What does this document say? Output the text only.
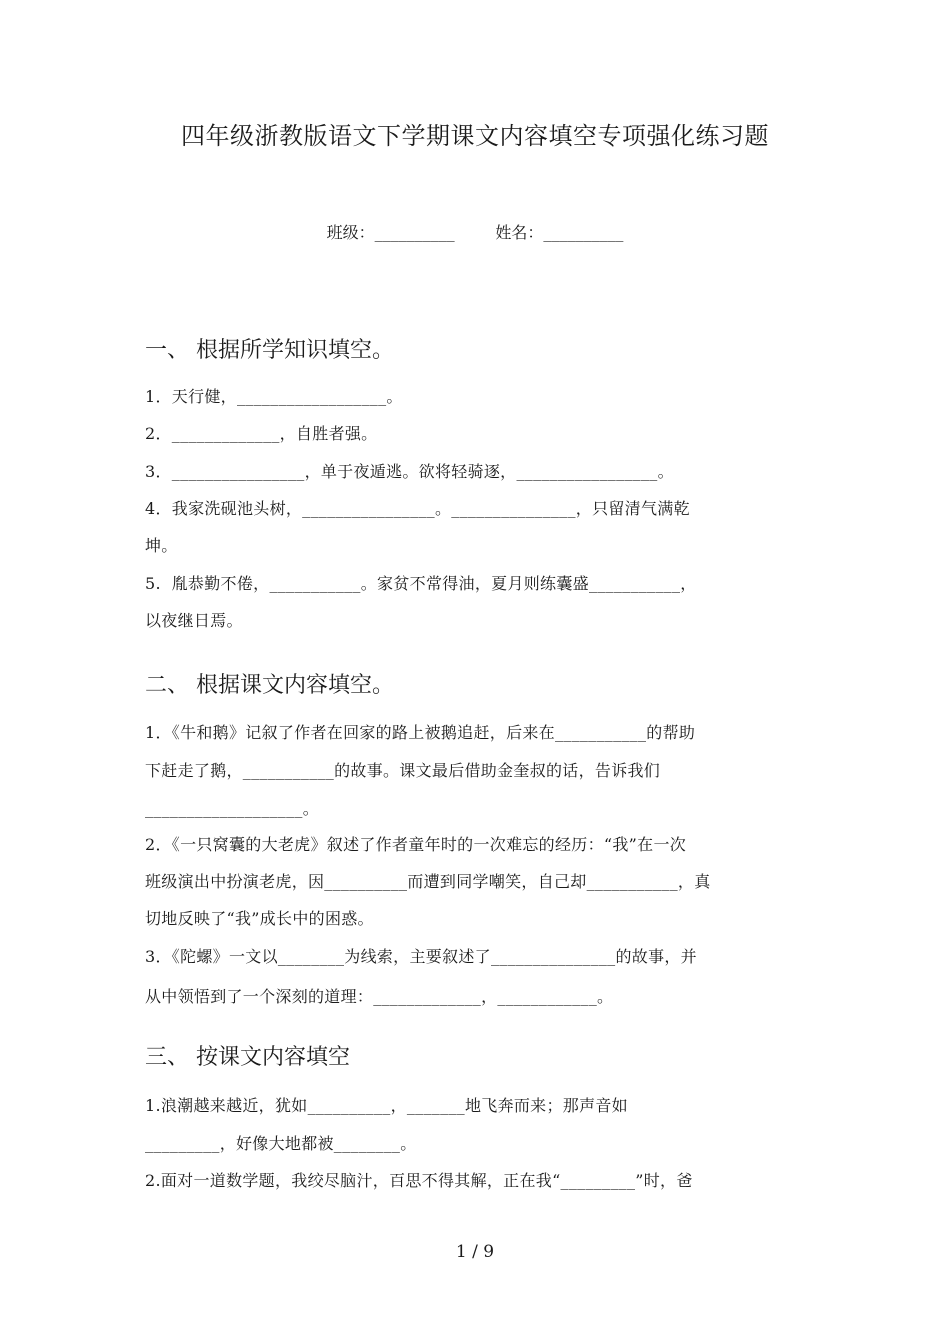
四年级浙教版语文下学期课文内容填空专项强化练习题
班级：__________        姓名：__________
一、 根据所学知识填空。
1．天行健，__________________。
2．_____________，自胜者强。
3．________________，单于夜遁逃。欲将轻骑逐，_________________。
4．我家洗砚池头树，________________。_______________，只留清气满乾
坤。
5.  胤恭勤不倦，___________。家贫不常得油，夏月则练囊盛___________，
以夜继日焉。
二、 根据课文内容填空。
1．《牛和鹅》记叙了作者在回家的路上被鹅追赶，后来在___________的帮助
下赶走了鹅，___________的故事。课文最后借助金奎叔的话，告诉我们
___________________。
2．《一只窝囊的大老虎》叙述了作者童年时的一次难忘的经历：“我”在一次
班级演出中扮演老虎，因__________而遭到同学嘲笑，自己却___________，真
切地反映了“我”成长中的困惑。
3．《陀螺》一文以________为线索，主要叙述了_______________的故事，并
从中领悟到了一个深刻的道理：_____________，____________。
三、 按课文内容填空
1.浪潮越来越近，犹如__________，_______地飞奔而来；那声音如
_________，好像大地都被________。
2.面对一道数学题，我绞尽脑汁，百思不得其解，正在我“_________”时，爸
1 / 9
